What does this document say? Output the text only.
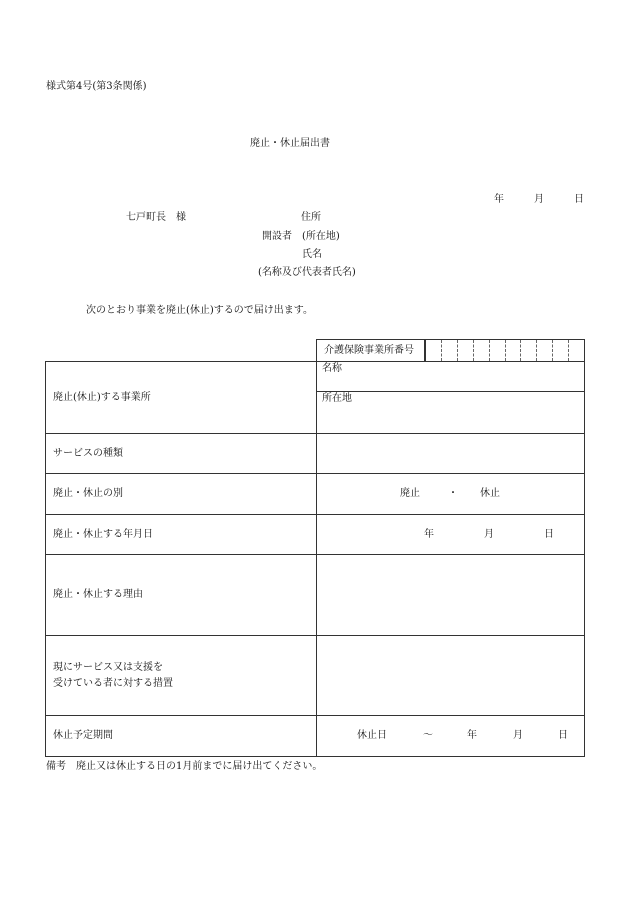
様式第4号(第3条関係)
廃止・休止届出書
年	月	日
七戸町長　様	住所
開設者　(所在地)
氏名
(名称及び代表者氏名)
次のとおり事業を廃止(休止)するので届け出ます。
	介護保険事業所番号	

廃止(休止)する事業所	名称
所在地	

サービスの種類		
廃止・休止の別	廃止 ・ 休止	

廃止・休止する年月日	年 月 日	

廃止・休止する理由		

現にサービス又は支援を
受けている者に対する措置		

休止予定期間	休止日 ～ 年 月 日	
備考　廃止又は休止する日の1月前までに届け出てください。
